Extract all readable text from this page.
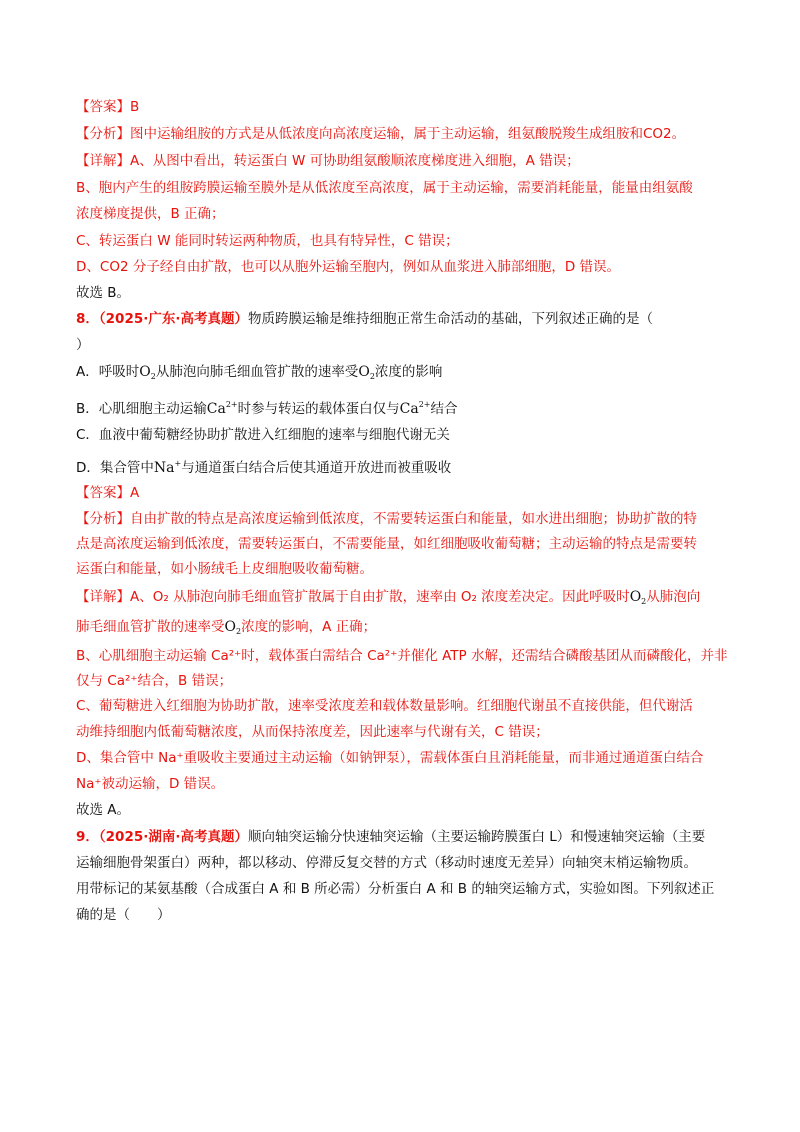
【答案】B
【分析】图中运输组胺的方式是从低浓度向高浓度运输，属于主动运输，组氨酸脱羧生成组胺和CO2。
【详解】A、从图中看出，转运蛋白 W 可协助组氨酸顺浓度梯度进入细胞，A 错误；
B、胞内产生的组胺跨膜运输至膜外是从低浓度至高浓度，属于主动运输，需要消耗能量，能量由组氨酸
浓度梯度提供，B 正确；
C、转运蛋白 W 能同时转运两种物质，也具有特异性，C 错误；
D、CO2 分子经自由扩散，也可以从胞外运输至胞内，例如从血浆进入肺部细胞，D 错误。
故选 B。
8．（2025·广东·高考真题）物质跨膜运输是维持细胞正常生命活动的基础，下列叙述正确的是（
）
A．呼吸时$O_2$从肺泡向肺毛细血管扩散的速率受$O_2$浓度的影响
B．心肌细胞主动运输$Ca^{2+}$时参与转运的载体蛋白仅与$Ca^{2+}$结合
C．血液中葡萄糖经协助扩散进入红细胞的速率与细胞代谢无关
D．集合管中Na+与通道蛋白结合后使其通道开放进而被重吸收
【答案】A
【分析】自由扩散的特点是高浓度运输到低浓度，不需要转运蛋白和能量，如水进出细胞；协助扩散的特
点是高浓度运输到低浓度，需要转运蛋白，不需要能量，如红细胞吸收葡萄糖；主动运输的特点是需要转
运蛋白和能量，如小肠绒毛上皮细胞吸收葡萄糖。
【详解】A、O₂ 从肺泡向肺毛细血管扩散属于自由扩散，速率由 O₂ 浓度差决定。因此呼吸时$O_2$从肺泡向
肺毛细血管扩散的速率受$O_2$浓度的影响，A 正确；
B、心肌细胞主动运输 Ca²⁺时，载体蛋白需结合 Ca²⁺并催化 ATP 水解，还需结合磷酸基团从而磷酸化，并非
仅与 Ca²⁺结合，B 错误；
C、葡萄糖进入红细胞为协助扩散，速率受浓度差和载体数量影响。红细胞代谢虽不直接供能，但代谢活
动维持细胞内低葡萄糖浓度，从而保持浓度差，因此速率与代谢有关，C 错误；
D、集合管中 Na⁺重吸收主要通过主动运输（如钠钾泵），需载体蛋白且消耗能量，而非通过通道蛋白结合
Na⁺被动运输，D 错误。
故选 A。
9．（2025·湖南·高考真题）顺向轴突运输分快速轴突运输（主要运输跨膜蛋白 L）和慢速轴突运输（主要
运输细胞骨架蛋白）两种，都以移动、停滞反复交替的方式（移动时速度无差异）向轴突末梢运输物质。
用带标记的某氨基酸（合成蛋白 A 和 B 所必需）分析蛋白 A 和 B 的轴突运输方式，实验如图。下列叙述正
确的是（　　）
